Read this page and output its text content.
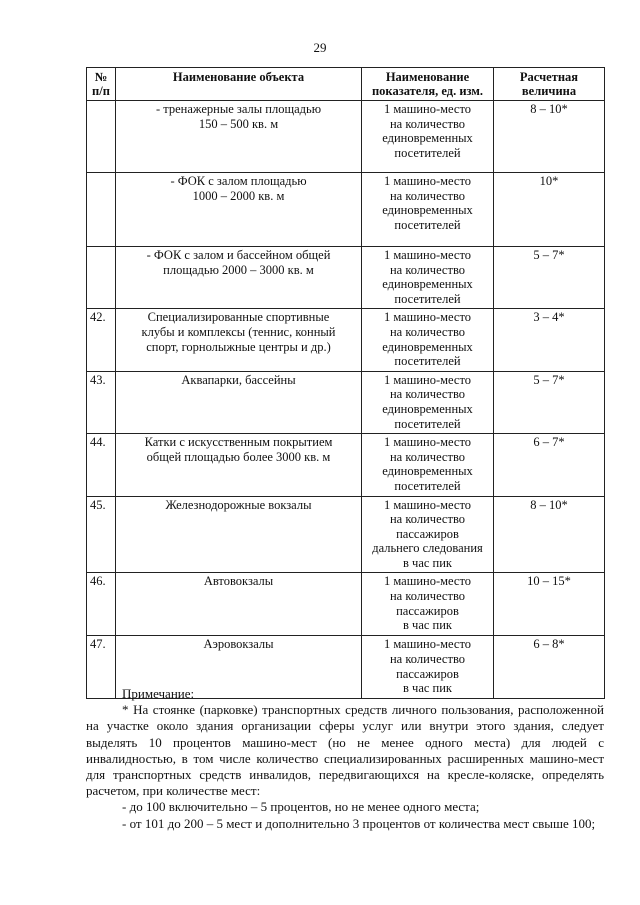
29
№
п/п	Наименование объекта	Наименование
показателя, ед. изм.	Расчетная
величина

	- тренажерные залы площадью
150 – 500 кв. м	1 машино-место
на количество
единовременных
посетителей	8 – 10*

	- ФОК с залом площадью
1000 – 2000 кв. м	1 машино-место
на количество
единовременных
посетителей	10*

	- ФОК с залом и бассейном общей
площадью 2000 – 3000 кв. м	1 машино-место
на количество
единовременных
посетителей	5 – 7*

42.	Специализированные спортивные
клубы и комплексы (теннис, конный
спорт, горнолыжные центры и др.)	1 машино-место
на количество
единовременных
посетителей	3 – 4*

43.	Аквапарки, бассейны	1 машино-место
на количество
единовременных
посетителей	5 – 7*

44.	Катки с искусственным покрытием
общей площадью более 3000 кв. м	1 машино-место
на количество
единовременных
посетителей	6 – 7*

45.	Железнодорожные вокзалы	1 машино-место
на количество
пассажиров
дальнего следования
в час пик	8 – 10*

46.	Автовокзалы	1 машино-место
на количество
пассажиров
в час пик	10 – 15*

47.	Аэровокзалы	1 машино-место
на количество
пассажиров
в час пик	6 – 8*

Примечание:

* На стоянке (парковке) транспортных средств личного пользования, расположенной на участке около здания организации сферы услуг или внутри этого здания, следует выделять 10 процентов машино-мест (но не менее одного места) для людей с инвалидностью, в том числе количество специализированных расширенных машино-мест для транспортных средств инвалидов, передвигающихся на кресле-коляске, определять расчетом, при количестве мест:

- до 100 включительно – 5 процентов, но не менее одного места;

- от 101 до 200 – 5 мест и дополнительно 3 процентов от количества мест свыше 100;
